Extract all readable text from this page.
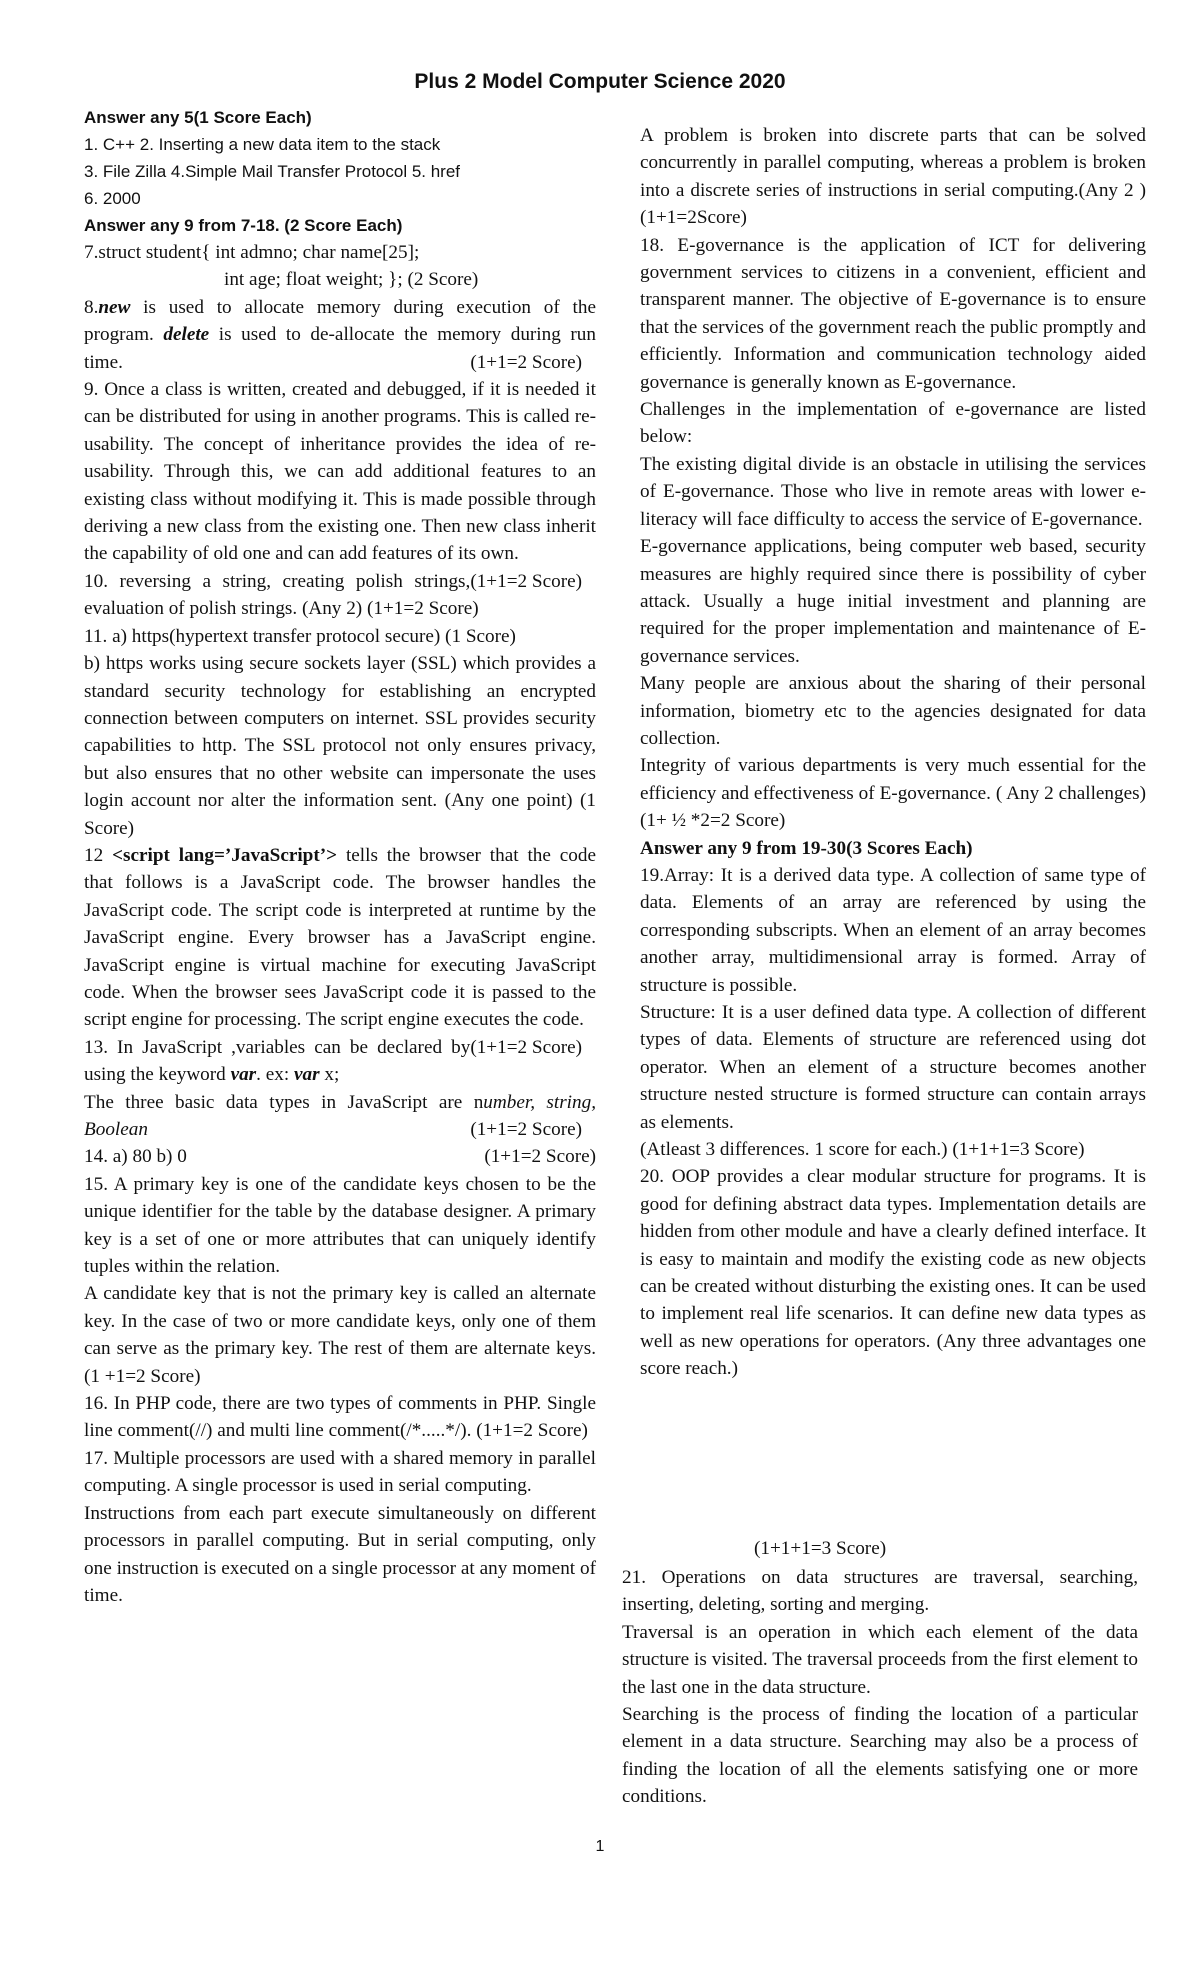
Plus 2 Model Computer Science 2020

Answer any 5(1 Score Each)

1. C++ 2. Inserting a new data item to the stack

3. File Zilla 4.Simple Mail Transfer Protocol 5. href

6. 2000

Answer any 9 from 7-18. (2 Score Each)

7.struct student{ int admno; char name[25];

int age; float weight; }; (2 Score)

8.new is used to allocate memory during execution of the program. delete is used to de-allocate the memory during run time.	(1+1=2 Score)

9. Once a class is written, created and debugged, if it is needed it can be distributed for using in another programs. This is called re-usability. The concept of inheritance provides the idea of re-usability. Through this, we can add additional features to an existing class without modifying it. This is made possible through deriving a new class from the existing one. Then new class inherit the capability of old one and can add features of its own.
(1+1=2 Score)

10. reversing a string, creating polish strings, evaluation of polish strings. (Any 2) (1+1=2 Score)

11. a) https(hypertext transfer protocol secure) (1 Score)

b) https works using secure sockets layer (SSL) which provides a standard security technology for establishing an encrypted connection between computers on internet. SSL provides security capabilities to http. The SSL protocol not only ensures privacy, but also ensures that no other website can impersonate the uses login account nor alter the information sent. (Any one point) (1 Score)

12 <script lang=’JavaScript’> tells the browser that the code that follows is a JavaScript code. The browser handles the JavaScript code. The script code is interpreted at runtime by the JavaScript engine. Every browser has a JavaScript engine. JavaScript engine is virtual machine for executing JavaScript code. When the browser sees JavaScript code it is passed to the script engine for processing. The script engine executes the code.
(1+1=2 Score)

13. In JavaScript ,variables can be declared by using the keyword var. ex: var x;

The three basic data types in JavaScript are number, string, Boolean	(1+1=2 Score)

14. a) 80 b) 0	(1+1=2 Score)

15. A primary key is one of the candidate keys chosen to be the unique identifier for the table by the database designer. A primary key is a set of one or more attributes that can uniquely identify tuples within the relation.

A candidate key that is not the primary key is called an alternate key. In the case of two or more candidate keys, only one of them can serve as the primary key. The rest of them are alternate keys. (1 +1=2 Score)

16. In PHP code, there are two types of comments in PHP. Single line comment(//) and multi line comment(/*.....*/). (1+1=2 Score)

17. Multiple processors are used with a shared memory in parallel computing. A single processor is used in serial computing.

Instructions from each part execute simultaneously on different processors in parallel computing. But in serial computing, only one instruction is executed on a single processor at any moment of time.

A problem is broken into discrete parts that can be solved concurrently in parallel computing, whereas a problem is broken into a discrete series of instructions in serial computing.(Any 2 ) (1+1=2Score)

18. E-governance is the application of ICT for delivering government services to citizens in a convenient, efficient and transparent manner. The objective of E-governance is to ensure that the services of the government reach the public promptly and efficiently. Information and communication technology aided governance is generally known as E-governance.

Challenges in the implementation of e-governance are listed below:

The existing digital divide is an obstacle in utilising the services of E-governance. Those who live in remote areas with lower e-literacy will face difficulty to access the service of E-governance.

E-governance applications, being computer web based, security measures are highly required since there is possibility of cyber attack. Usually a huge initial investment and planning are required for the proper implementation and maintenance of E-governance services.

Many people are anxious about the sharing of their personal information, biometry etc to the agencies designated for data collection.

Integrity of various departments is very much essential for the efficiency and effectiveness of E-governance. ( Any 2 challenges) (1+ ½ *2=2 Score)

Answer any 9 from 19-30(3 Scores Each)

19.Array: It is a derived data type. A collection of same type of data. Elements of an array are referenced by using the corresponding subscripts. When an element of an array becomes another array, multidimensional array is formed. Array of structure is possible.

Structure: It is a user defined data type. A collection of different types of data. Elements of structure are referenced using dot operator. When an element of a structure becomes another structure nested structure is formed structure can contain arrays as elements.

(Atleast 3 differences. 1 score for each.) (1+1+1=3 Score)

20. OOP provides a clear modular structure for programs. It is good for defining abstract data types. Implementation details are hidden from other module and have a clearly defined interface. It is easy to maintain and modify the existing code as new objects can be created without disturbing the existing ones. It can be used to implement real life scenarios. It can define new data types as well as new operations for operators. (Any three advantages one score reach.)

(1+1+1=3 Score)

21. Operations on data structures are traversal, searching, inserting, deleting, sorting and merging.

Traversal is an operation in which each element of the data structure is visited. The traversal proceeds from the first element to the last one in the data structure.

Searching is the process of finding the location of a particular element in a data structure. Searching may also be a process of finding the location of all the elements satisfying one or more conditions.

1
